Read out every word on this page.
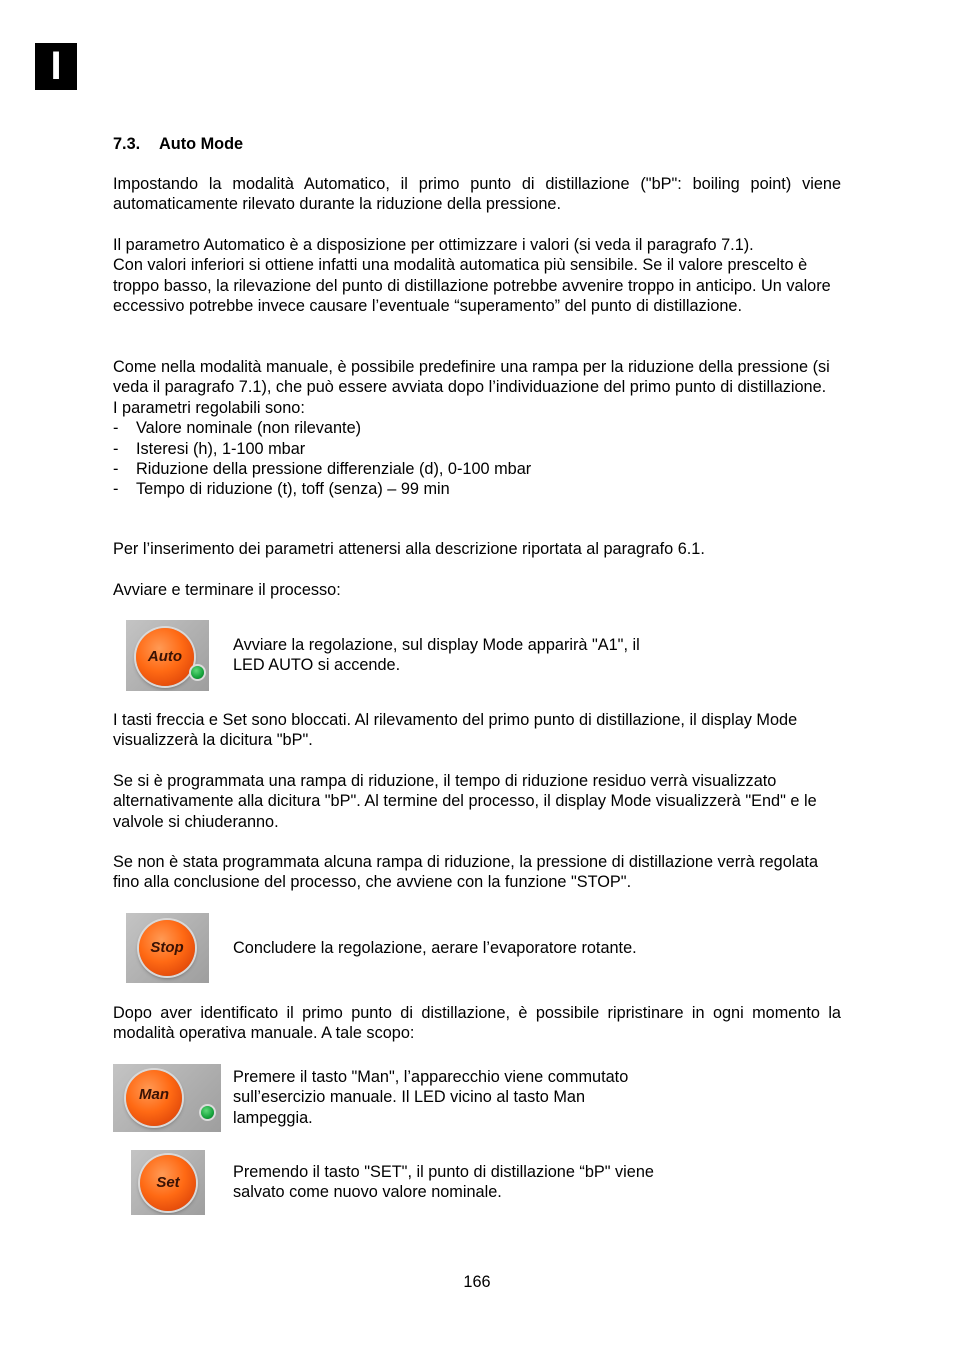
I
7.3. Auto Mode

Impostando la modalità Automatico, il primo punto di distillazione ("bP": boiling point) viene automaticamente rilevato durante la riduzione della pressione.

Il parametro Automatico è a disposizione per ottimizzare i valori (si veda il paragrafo 7.1).

Con valori inferiori si ottiene infatti una modalità automatica più sensibile. Se il valore prescelto è troppo basso, la rilevazione del punto di distillazione potrebbe avvenire troppo in anticipo. Un valore eccessivo potrebbe invece causare l’eventuale “superamento” del punto di distillazione.

Come nella modalità manuale, è possibile predefinire una rampa per la riduzione della pressione (si veda il paragrafo 7.1), che può essere avviata dopo l’individuazione del primo punto di distillazione.

I parametri regolabili sono:

- Valore nominale (non rilevante)
- Isteresi (h), 1-100 mbar
- Riduzione della pressione differenziale (d), 0-100 mbar
- Tempo di riduzione (t), toff (senza) – 99 min

Per l’inserimento dei parametri attenersi alla descrizione riportata al paragrafo 6.1.

Avviare e terminare il processo:

Auto

Avviare la regolazione, sul display Mode apparirà "A1", il

LED AUTO si accende.

I tasti freccia e Set sono bloccati. Al rilevamento del primo punto di distillazione, il display Mode visualizzerà la dicitura "bP".

Se si è programmata una rampa di riduzione, il tempo di riduzione residuo verrà visualizzato alternativamente alla dicitura "bP". Al termine del processo, il display Mode visualizzerà "End" e le valvole si chiuderanno.

Se non è stata programmata alcuna rampa di riduzione, la pressione di distillazione verrà regolata fino alla conclusione del processo, che avviene con la funzione "STOP".

Stop	Concludere la regolazione, aerare l’evaporatore rotante.

Dopo aver identificato il primo punto di distillazione, è possibile ripristinare in ogni momento la modalità operativa manuale. A tale scopo:

Man

Premere il tasto "Man", l’apparecchio viene commutato

sull’esercizio manuale. Il LED vicino al tasto Man

lampeggia.

Set

Premendo il tasto "SET", il punto di distillazione “bP" viene

salvato come nuovo valore nominale.

166
